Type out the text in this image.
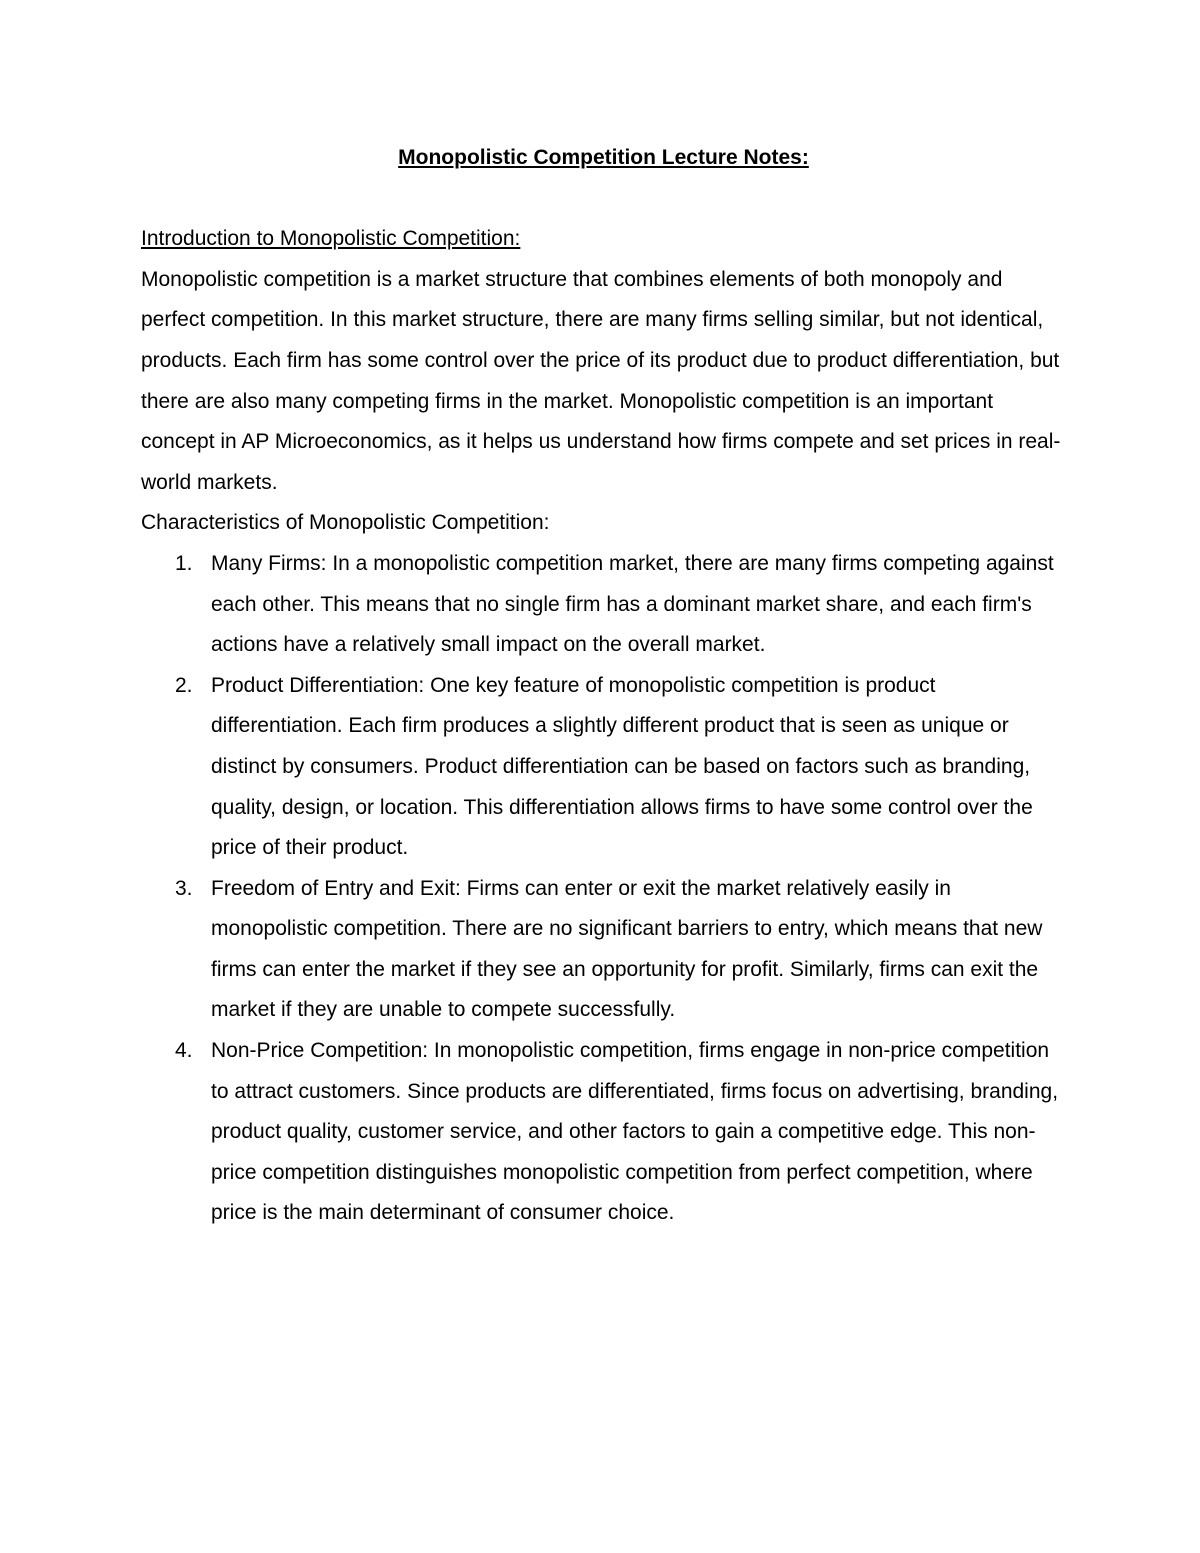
Monopolistic Competition Lecture Notes:
Introduction to Monopolistic Competition:

Monopolistic competition is a market structure that combines elements of both monopoly and perfect competition. In this market structure, there are many firms selling similar, but not identical, products. Each firm has some control over the price of its product due to product differentiation, but there are also many competing firms in the market. Monopolistic competition is an important concept in AP Microeconomics, as it helps us understand how firms compete and set prices in real-world markets.

Characteristics of Monopolistic Competition:

1. Many Firms: In a monopolistic competition market, there are many firms competing against each other. This means that no single firm has a dominant market share, and each firm's actions have a relatively small impact on the overall market.
2. Product Differentiation: One key feature of monopolistic competition is product differentiation. Each firm produces a slightly different product that is seen as unique or distinct by consumers. Product differentiation can be based on factors such as branding, quality, design, or location. This differentiation allows firms to have some control over the price of their product.
3. Freedom of Entry and Exit: Firms can enter or exit the market relatively easily in monopolistic competition. There are no significant barriers to entry, which means that new firms can enter the market if they see an opportunity for profit. Similarly, firms can exit the market if they are unable to compete successfully.
4. Non-Price Competition: In monopolistic competition, firms engage in non-price competition to attract customers. Since products are differentiated, firms focus on advertising, branding, product quality, customer service, and other factors to gain a competitive edge. This non-price competition distinguishes monopolistic competition from perfect competition, where price is the main determinant of consumer choice.
